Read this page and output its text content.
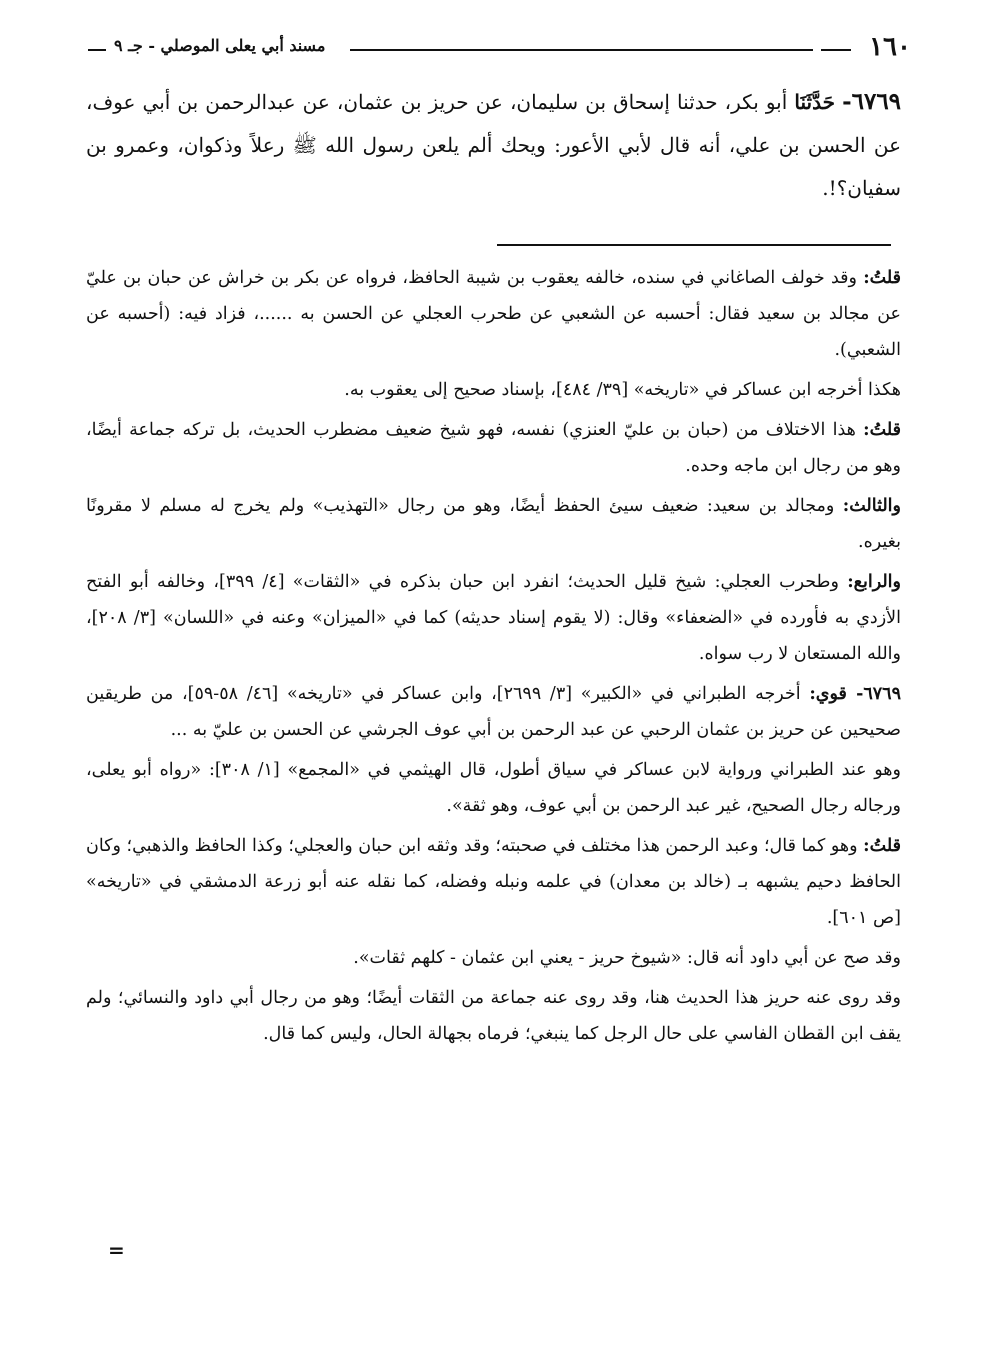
مسند أبي يعلى الموصلي - جـ ٩	١٦٠
٦٧٦٩- حَدَّثَنَا أبو بكر، حدثنا إسحاق بن سليمان، عن حريز بن عثمان، عن عبدالرحمن بن أبي عوف، عن الحسن بن علي، أنه قال لأبي الأعور: ويحك ألم يلعن رسول الله ﷺ رعلاً وذكوان، وعمرو بن سفيان؟!.

قلتُ: وقد خولف الصاغاني في سنده، خالفه يعقوب بن شيبة الحافظ، فرواه عن بكر بن خراش عن حبان بن عليّ عن مجالد بن سعيد فقال: أحسبه عن الشعبي عن طحرب العجلي عن الحسن به ......، فزاد فيه: (أحسبه عن الشعبي).

هكذا أخرجه ابن عساكر في «تاريخه» [٣٩/ ٤٨٤]، بإسناد صحيح إلى يعقوب به.

قلتُ: هذا الاختلاف من (حبان بن عليّ العنزي) نفسه، فهو شيخ ضعيف مضطرب الحديث، بل تركه جماعة أيضًا، وهو من رجال ابن ماجه وحده.

والثالث: ومجالد بن سعيد: ضعيف سيئ الحفظ أيضًا، وهو من رجال «التهذيب» ولم يخرج له مسلم لا مقرونًا بغيره.

والرابع: وطحرب العجلي: شيخ قليل الحديث؛ انفرد ابن حبان بذكره في «الثقات» [٤/ ٣٩٩]، وخالفه أبو الفتح الأزدي به فأورده في «الضعفاء» وقال: (لا يقوم إسناد حديثه) كما في «الميزان» وعنه في «اللسان» [٣/ ٢٠٨]، والله المستعان لا رب سواه.

٦٧٦٩- قوي: أخرجه الطبراني في «الكبير» [٣/ ٢٦٩٩]، وابن عساكر في «تاريخه» [٤٦/ ٥٨-٥٩]، من طريقين صحيحين عن حريز بن عثمان الرحبي عن عبد الرحمن بن أبي عوف الجرشي عن الحسن بن عليّ به ...

وهو عند الطبراني ورواية لابن عساكر في سياق أطول، قال الهيثمي في «المجمع» [١/ ٣٠٨]: «رواه أبو يعلى، ورجاله رجال الصحيح، غير عبد الرحمن بن أبي عوف، وهو ثقة».

قلتُ: وهو كما قال؛ وعبد الرحمن هذا مختلف في صحبته؛ وقد وثقه ابن حبان والعجلي؛ وكذا الحافظ والذهبي؛ وكان الحافظ دحيم يشبهه بـ (خالد بن معدان) في علمه ونبله وفضله، كما نقله عنه أبو زرعة الدمشقي في «تاريخه» [ص ٦٠١].

وقد صح عن أبي داود أنه قال: «شيوخ حريز - يعني ابن عثمان - كلهم ثقات».

وقد روى عنه حريز هذا الحديث هنا، وقد روى عنه جماعة من الثقات أيضًا؛ وهو من رجال أبي داود والنسائي؛ ولم يقف ابن القطان الفاسي على حال الرجل كما ينبغي؛ فرماه بجهالة الحال، وليس كما قال.

=
